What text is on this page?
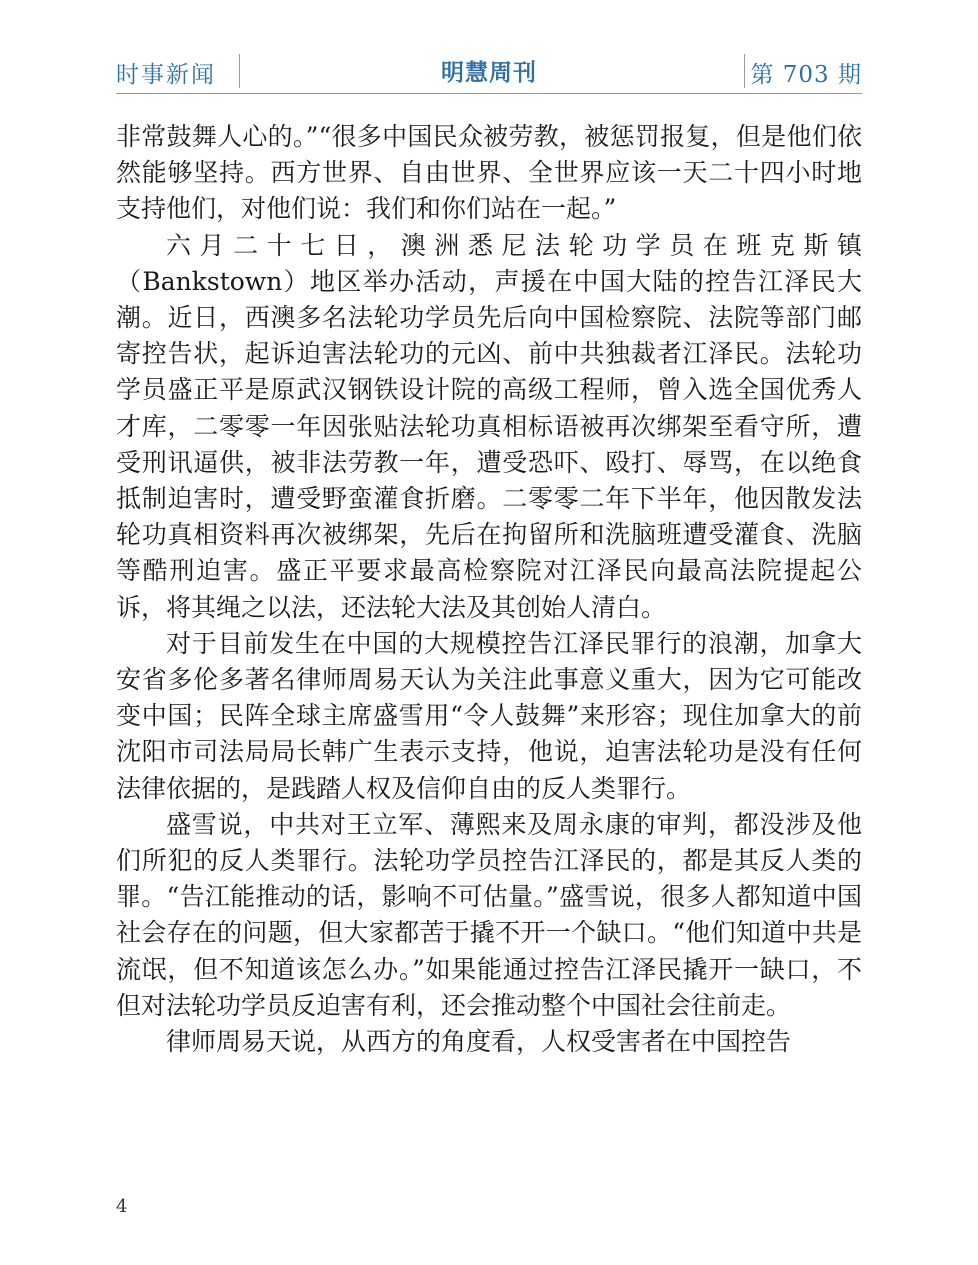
时事新闻	明慧周刊	第 703 期

非常鼓舞人心的。”“很多中国民众被劳教，被惩罚报复，但是他们依然能够坚持。西方世界、自由世界、全世界应该一天二十四小时地支持他们，对他们说：我们和你们站在一起。”

六月二十七日，澳洲悉尼法轮功学员在班克斯镇（Bankstown）地区举办活动，声援在中国大陆的控告江泽民大潮。近日，西澳多名法轮功学员先后向中国检察院、法院等部门邮寄控告状，起诉迫害法轮功的元凶、前中共独裁者江泽民。法轮功学员盛正平是原武汉钢铁设计院的高级工程师，曾入选全国优秀人才库，二零零一年因张贴法轮功真相标语被再次绑架至看守所，遭受刑讯逼供，被非法劳教一年，遭受恐吓、殴打、辱骂，在以绝食抵制迫害时，遭受野蛮灌食折磨。二零零二年下半年，他因散发法轮功真相资料再次被绑架，先后在拘留所和洗脑班遭受灌食、洗脑等酷刑迫害。盛正平要求最高检察院对江泽民向最高法院提起公诉，将其绳之以法，还法轮大法及其创始人清白。

对于目前发生在中国的大规模控告江泽民罪行的浪潮，加拿大安省多伦多著名律师周易天认为关注此事意义重大，因为它可能改变中国；民阵全球主席盛雪用“令人鼓舞”来形容；现住加拿大的前沈阳市司法局局长韩广生表示支持，他说，迫害法轮功是没有任何法律依据的，是践踏人权及信仰自由的反人类罪行。

盛雪说，中共对王立军、薄熙来及周永康的审判，都没涉及他们所犯的反人类罪行。法轮功学员控告江泽民的，都是其反人类的罪。“告江能推动的话，影响不可估量。”盛雪说，很多人都知道中国社会存在的问题，但大家都苦于撬不开一个缺口。“他们知道中共是流氓，但不知道该怎么办。”如果能通过控告江泽民撬开一缺口，不但对法轮功学员反迫害有利，还会推动整个中国社会往前走。

律师周易天说，从西方的角度看，人权受害者在中国控告

4
